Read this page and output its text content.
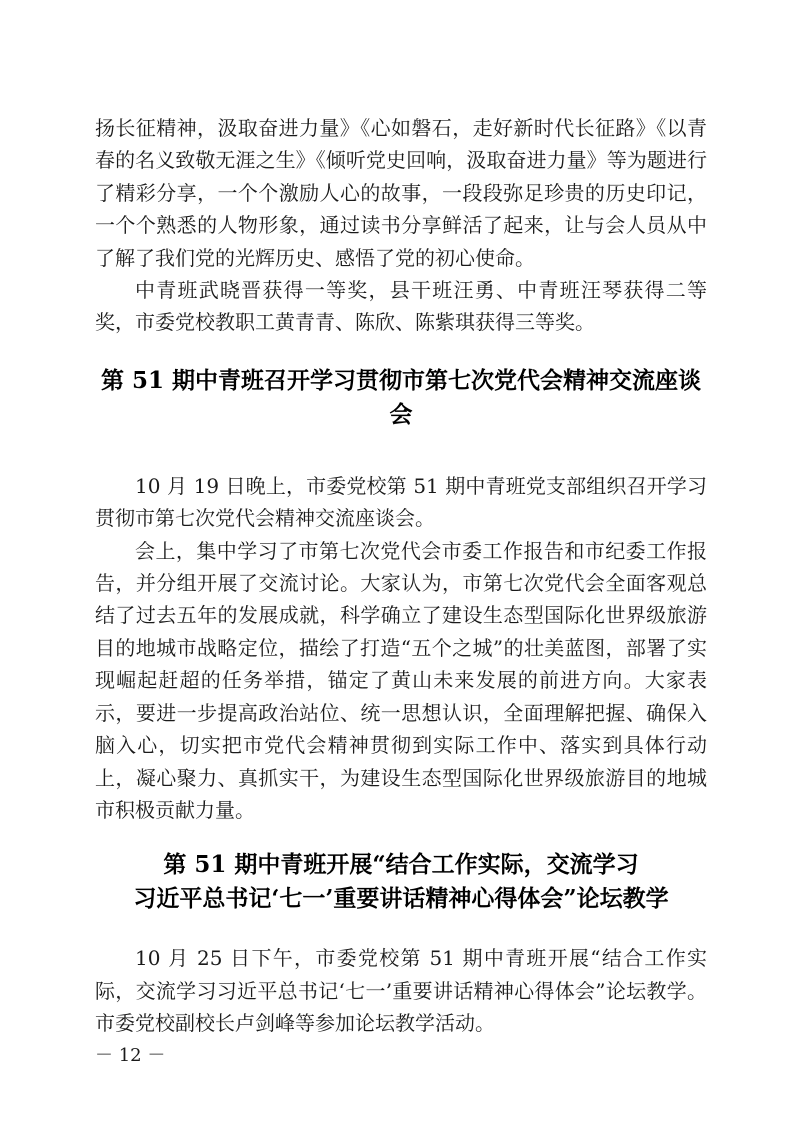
扬长征精神，汲取奋进力量》《心如磐石，走好新时代长征路》《以青春的名义致敬无涯之生》《倾听党史回响，汲取奋进力量》等为题进行了精彩分享，一个个激励人心的故事，一段段弥足珍贵的历史印记，一个个熟悉的人物形象，通过读书分享鲜活了起来，让与会人员从中了解了我们党的光辉历史、感悟了党的初心使命。

中青班武晓晋获得一等奖，县干班汪勇、中青班汪琴获得二等奖，市委党校教职工黄青青、陈欣、陈紫琪获得三等奖。

第 51 期中青班召开学习贯彻市第七次党代会精神交流座谈会

10 月 19 日晚上，市委党校第 51 期中青班党支部组织召开学习贯彻市第七次党代会精神交流座谈会。

会上，集中学习了市第七次党代会市委工作报告和市纪委工作报告，并分组开展了交流讨论。大家认为，市第七次党代会全面客观总结了过去五年的发展成就，科学确立了建设生态型国际化世界级旅游目的地城市战略定位，描绘了打造“五个之城”的壮美蓝图，部署了实现崛起赶超的任务举措，锚定了黄山未来发展的前进方向。大家表示，要进一步提高政治站位、统一思想认识，全面理解把握、确保入脑入心，切实把市党代会精神贯彻到实际工作中、落实到具体行动上，凝心聚力、真抓实干，为建设生态型国际化世界级旅游目的地城市积极贡献力量。

第 51 期中青班开展“结合工作实际，交流学习
习近平总书记‘七一’重要讲话精神心得体会”论坛教学

10 月 25 日下午，市委党校第 51 期中青班开展“结合工作实际，交流学习习近平总书记‘七一’重要讲话精神心得体会”论坛教学。市委党校副校长卢剑峰等参加论坛教学活动。

－ 12 －
